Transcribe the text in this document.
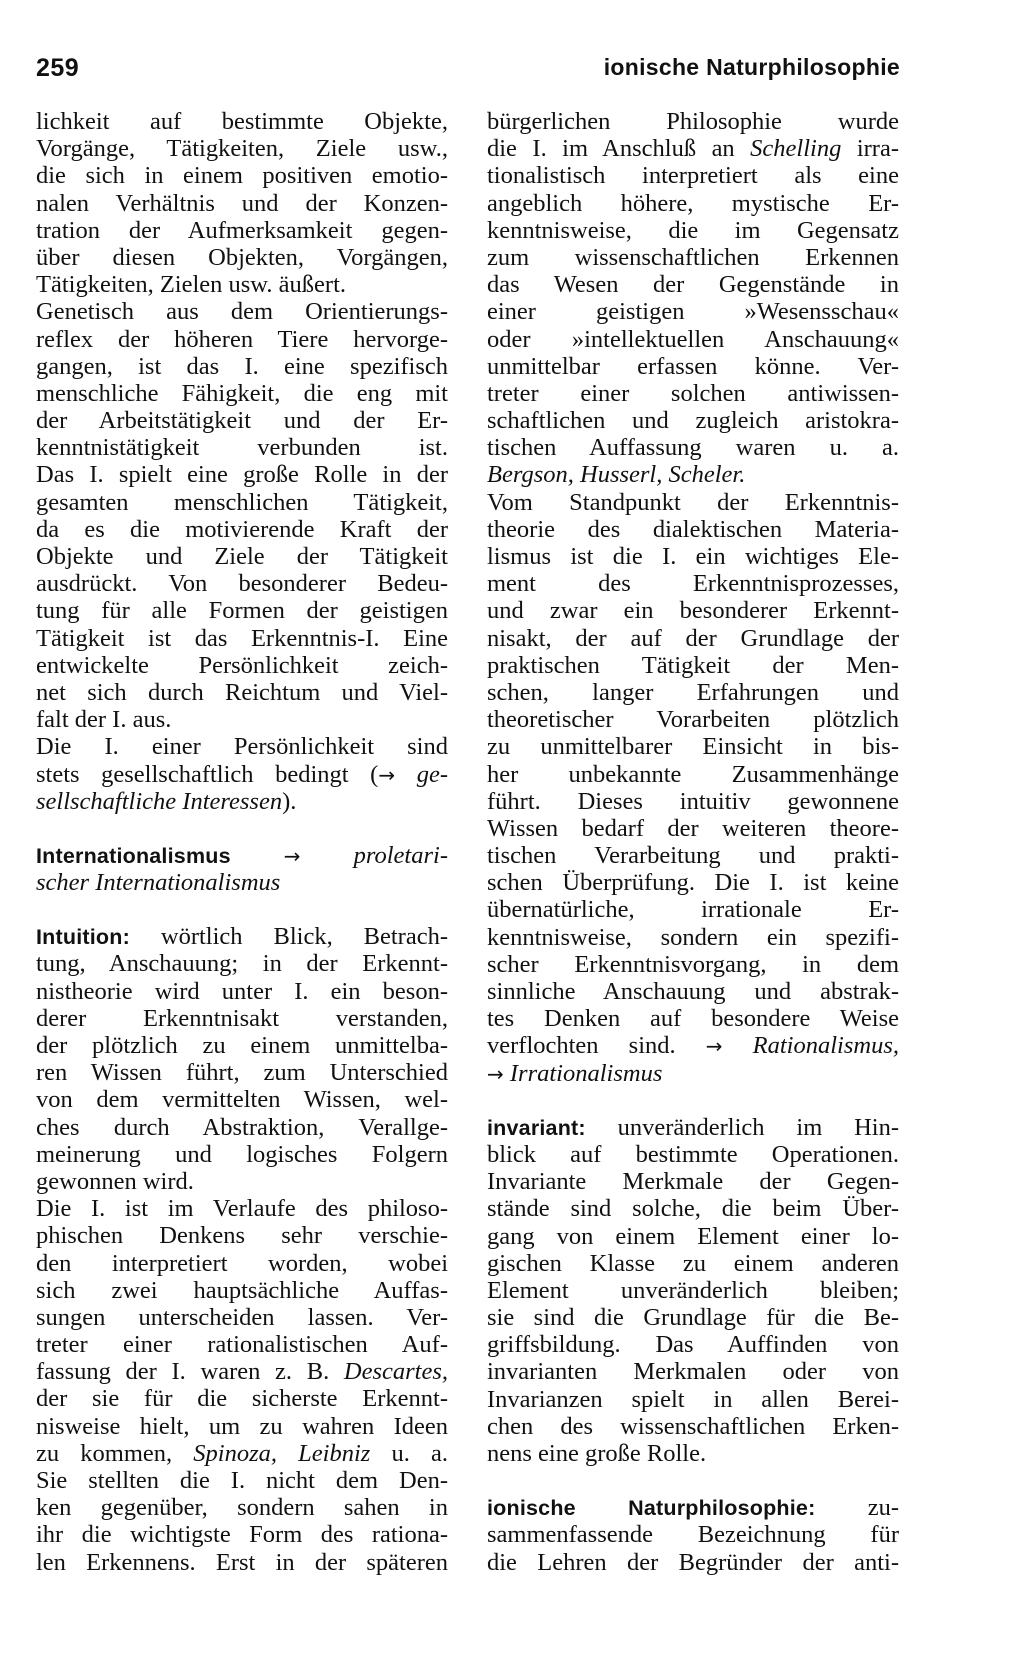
259	ionische Naturphilosophie
lichkeit auf bestimmte Objekte,
Vorgänge, Tätigkeiten, Ziele usw.,
die sich in einem positiven emotio-
nalen Verhältnis und der Konzen-
tration der Aufmerksamkeit gegen-
über diesen Objekten, Vorgängen,
Tätigkeiten, Zielen usw. äußert.
Genetisch aus dem Orientierungs-
reflex der höheren Tiere hervorge-
gangen, ist das I. eine spezifisch
menschliche Fähigkeit, die eng mit
der Arbeitstätigkeit und der Er-
kenntnistätigkeit verbunden ist.
Das I. spielt eine große Rolle in der
gesamten menschlichen Tätigkeit,
da es die motivierende Kraft der
Objekte und Ziele der Tätigkeit
ausdrückt. Von besonderer Bedeu-
tung für alle Formen der geistigen
Tätigkeit ist das Erkenntnis-I. Eine
entwickelte Persönlichkeit zeich-
net sich durch Reichtum und Viel-
falt der I. aus.
Die I. einer Persönlichkeit sind
stets gesellschaftlich bedingt (→ ge-
sellschaftliche Interessen).
Internationalismus → proletari-
scher Internationalismus
Intuition: wörtlich Blick, Betrach-
tung, Anschauung; in der Erkennt-
nistheorie wird unter I. ein beson-
derer Erkenntnisakt verstanden,
der plötzlich zu einem unmittelba-
ren Wissen führt, zum Unterschied
von dem vermittelten Wissen, wel-
ches durch Abstraktion, Verallge-
meinerung und logisches Folgern
gewonnen wird.
Die I. ist im Verlaufe des philoso-
phischen Denkens sehr verschie-
den interpretiert worden, wobei
sich zwei hauptsächliche Auffas-
sungen unterscheiden lassen. Ver-
treter einer rationalistischen Auf-
fassung der I. waren z. B. Descartes,
der sie für die sicherste Erkennt-
nisweise hielt, um zu wahren Ideen
zu kommen, Spinoza, Leibniz u. a.
Sie stellten die I. nicht dem Den-
ken gegenüber, sondern sahen in
ihr die wichtigste Form des rationa-
len Erkennens. Erst in der späteren
bürgerlichen Philosophie wurde
die I. im Anschluß an Schelling irra-
tionalistisch interpretiert als eine
angeblich höhere, mystische Er-
kenntnisweise, die im Gegensatz
zum wissenschaftlichen Erkennen
das Wesen der Gegenstände in
einer geistigen »Wesensschau«
oder »intellektuellen Anschauung«
unmittelbar erfassen könne. Ver-
treter einer solchen antiwissen-
schaftlichen und zugleich aristokra-
tischen Auffassung waren u. a.
Bergson, Husserl, Scheler.
Vom Standpunkt der Erkenntnis-
theorie des dialektischen Materia-
lismus ist die I. ein wichtiges Ele-
ment des Erkenntnisprozesses,
und zwar ein besonderer Erkennt-
nisakt, der auf der Grundlage der
praktischen Tätigkeit der Men-
schen, langer Erfahrungen und
theoretischer Vorarbeiten plötzlich
zu unmittelbarer Einsicht in bis-
her unbekannte Zusammenhänge
führt. Dieses intuitiv gewonnene
Wissen bedarf der weiteren theore-
tischen Verarbeitung und prakti-
schen Überprüfung. Die I. ist keine
übernatürliche, irrationale Er-
kenntnisweise, sondern ein spezifi-
scher Erkenntnisvorgang, in dem
sinnliche Anschauung und abstrak-
tes Denken auf besondere Weise
verflochten sind. → Rationalismus,
→ Irrationalismus
invariant: unveränderlich im Hin-
blick auf bestimmte Operationen.
Invariante Merkmale der Gegen-
stände sind solche, die beim Über-
gang von einem Element einer lo-
gischen Klasse zu einem anderen
Element unveränderlich bleiben;
sie sind die Grundlage für die Be-
griffsbildung. Das Auffinden von
invarianten Merkmalen oder von
Invarianzen spielt in allen Berei-
chen des wissenschaftlichen Erken-
nens eine große Rolle.
ionische Naturphilosophie: zu-
sammenfassende Bezeichnung für
die Lehren der Begründer der anti-
